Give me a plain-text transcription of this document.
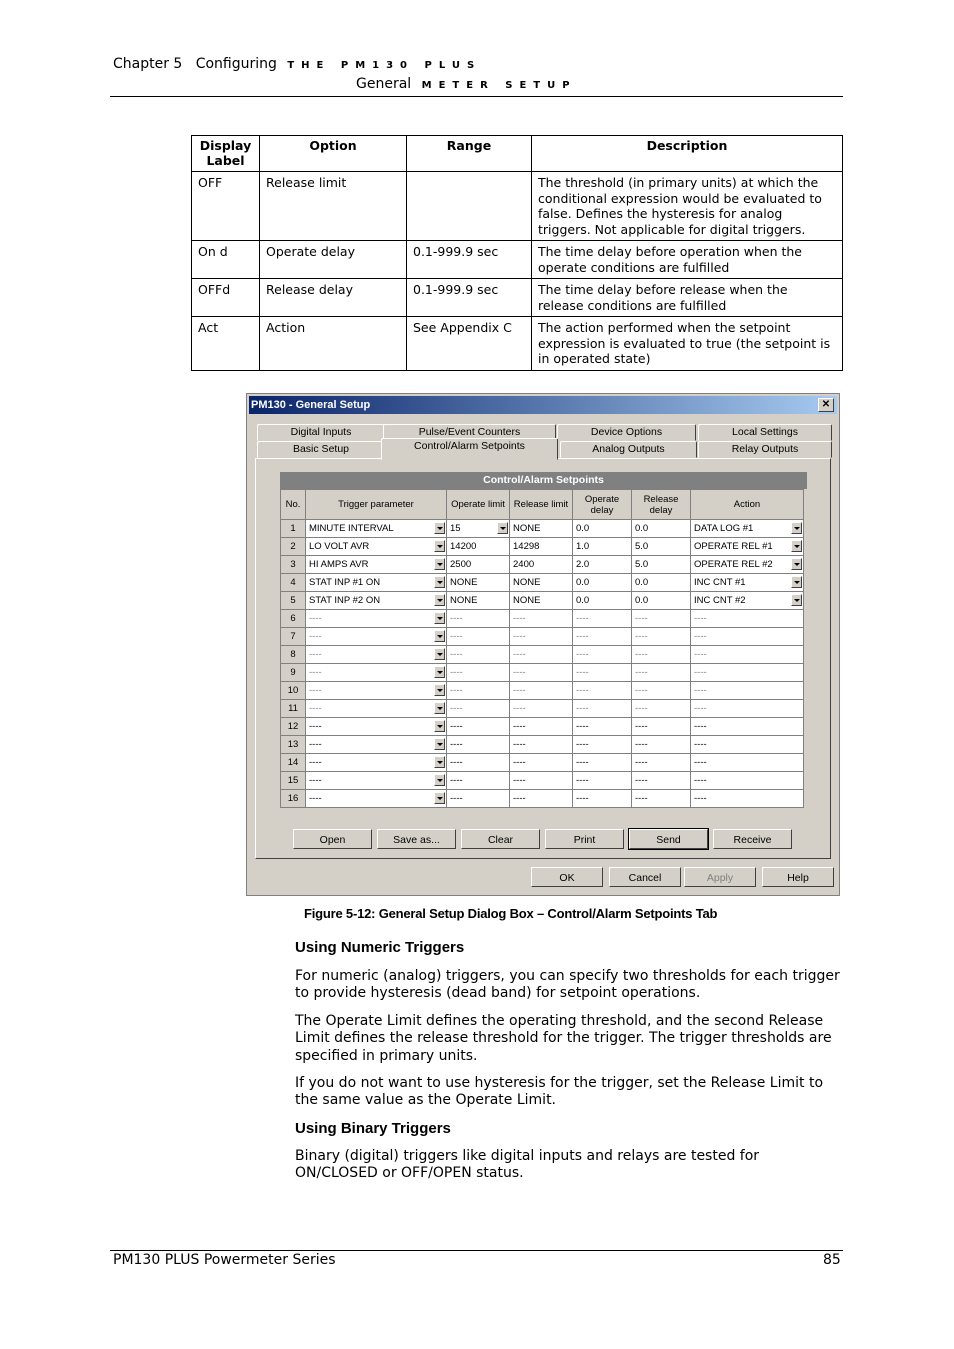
Chapter 5 Configuring THE PM130 PLUS
General METER SETUP
Display Label	Option	Range	Description
OFF	Release limit		The threshold (in primary units) at which the conditional expression would be evaluated to false. Defines the hysteresis for analog triggers. Not applicable for digital triggers.
On d	Operate delay	0.1-999.9 sec	The time delay before operation when the operate conditions are fulfilled
OFFd	Release delay	0.1-999.9 sec	The time delay before release when the release conditions are fulfilled
Act	Action	See Appendix C	The action performed when the setpoint expression is evaluated to true (the setpoint is in operated state)
PM130 - General Setup	✕
Digital Inputs	Pulse/Event Counters	Device Options	Local Settings
Basic Setup	Control/Alarm Setpoints	Analog Outputs	Relay Outputs
Control/Alarm Setpoints
No.	Trigger parameter	Operate limit	Release limit	Operate delay	Release delay	Action
1	MINUTE INTERVAL	15	NONE	0.0	0.0	DATA LOG #1

2	LO VOLT AVR	14200	14298	1.0	5.0	OPERATE REL #1

3	HI AMPS AVR	2500	2400	2.0	5.0	OPERATE REL #2

4	STAT INP #1 ON	NONE	NONE	0.0	0.0	INC CNT #1

5	STAT INP #2 ON	NONE	NONE	0.0	0.0	INC CNT #2

6	----	----	----	----	----	----
7	----	----	----	----	----	----
8	----	----	----	----	----	----
9	----	----	----	----	----	----
10	----	----	----	----	----	----
11	----	----	----	----	----	----
12	----	----	----	----	----	----
13	----	----	----	----	----	----
14	----	----	----	----	----	----
15	----	----	----	----	----	----
16	----	----	----	----	----	----
Open	Save as...	Clear	Print	Send	Receive
OK	Cancel	Apply	Help
Figure 5-12: General Setup Dialog Box – Control/Alarm Setpoints Tab
Using Numeric Triggers
For numeric (analog) triggers, you can specify two thresholds for each trigger to provide hysteresis (dead band) for setpoint operations.
The Operate Limit defines the operating threshold, and the second Release Limit defines the release threshold for the trigger. The trigger thresholds are specified in primary units.
If you do not want to use hysteresis for the trigger, set the Release Limit to the same value as the Operate Limit.
Using Binary Triggers
Binary (digital) triggers like digital inputs and relays are tested for ON/CLOSED or OFF/OPEN status.
PM130 PLUS Powermeter Series	85
